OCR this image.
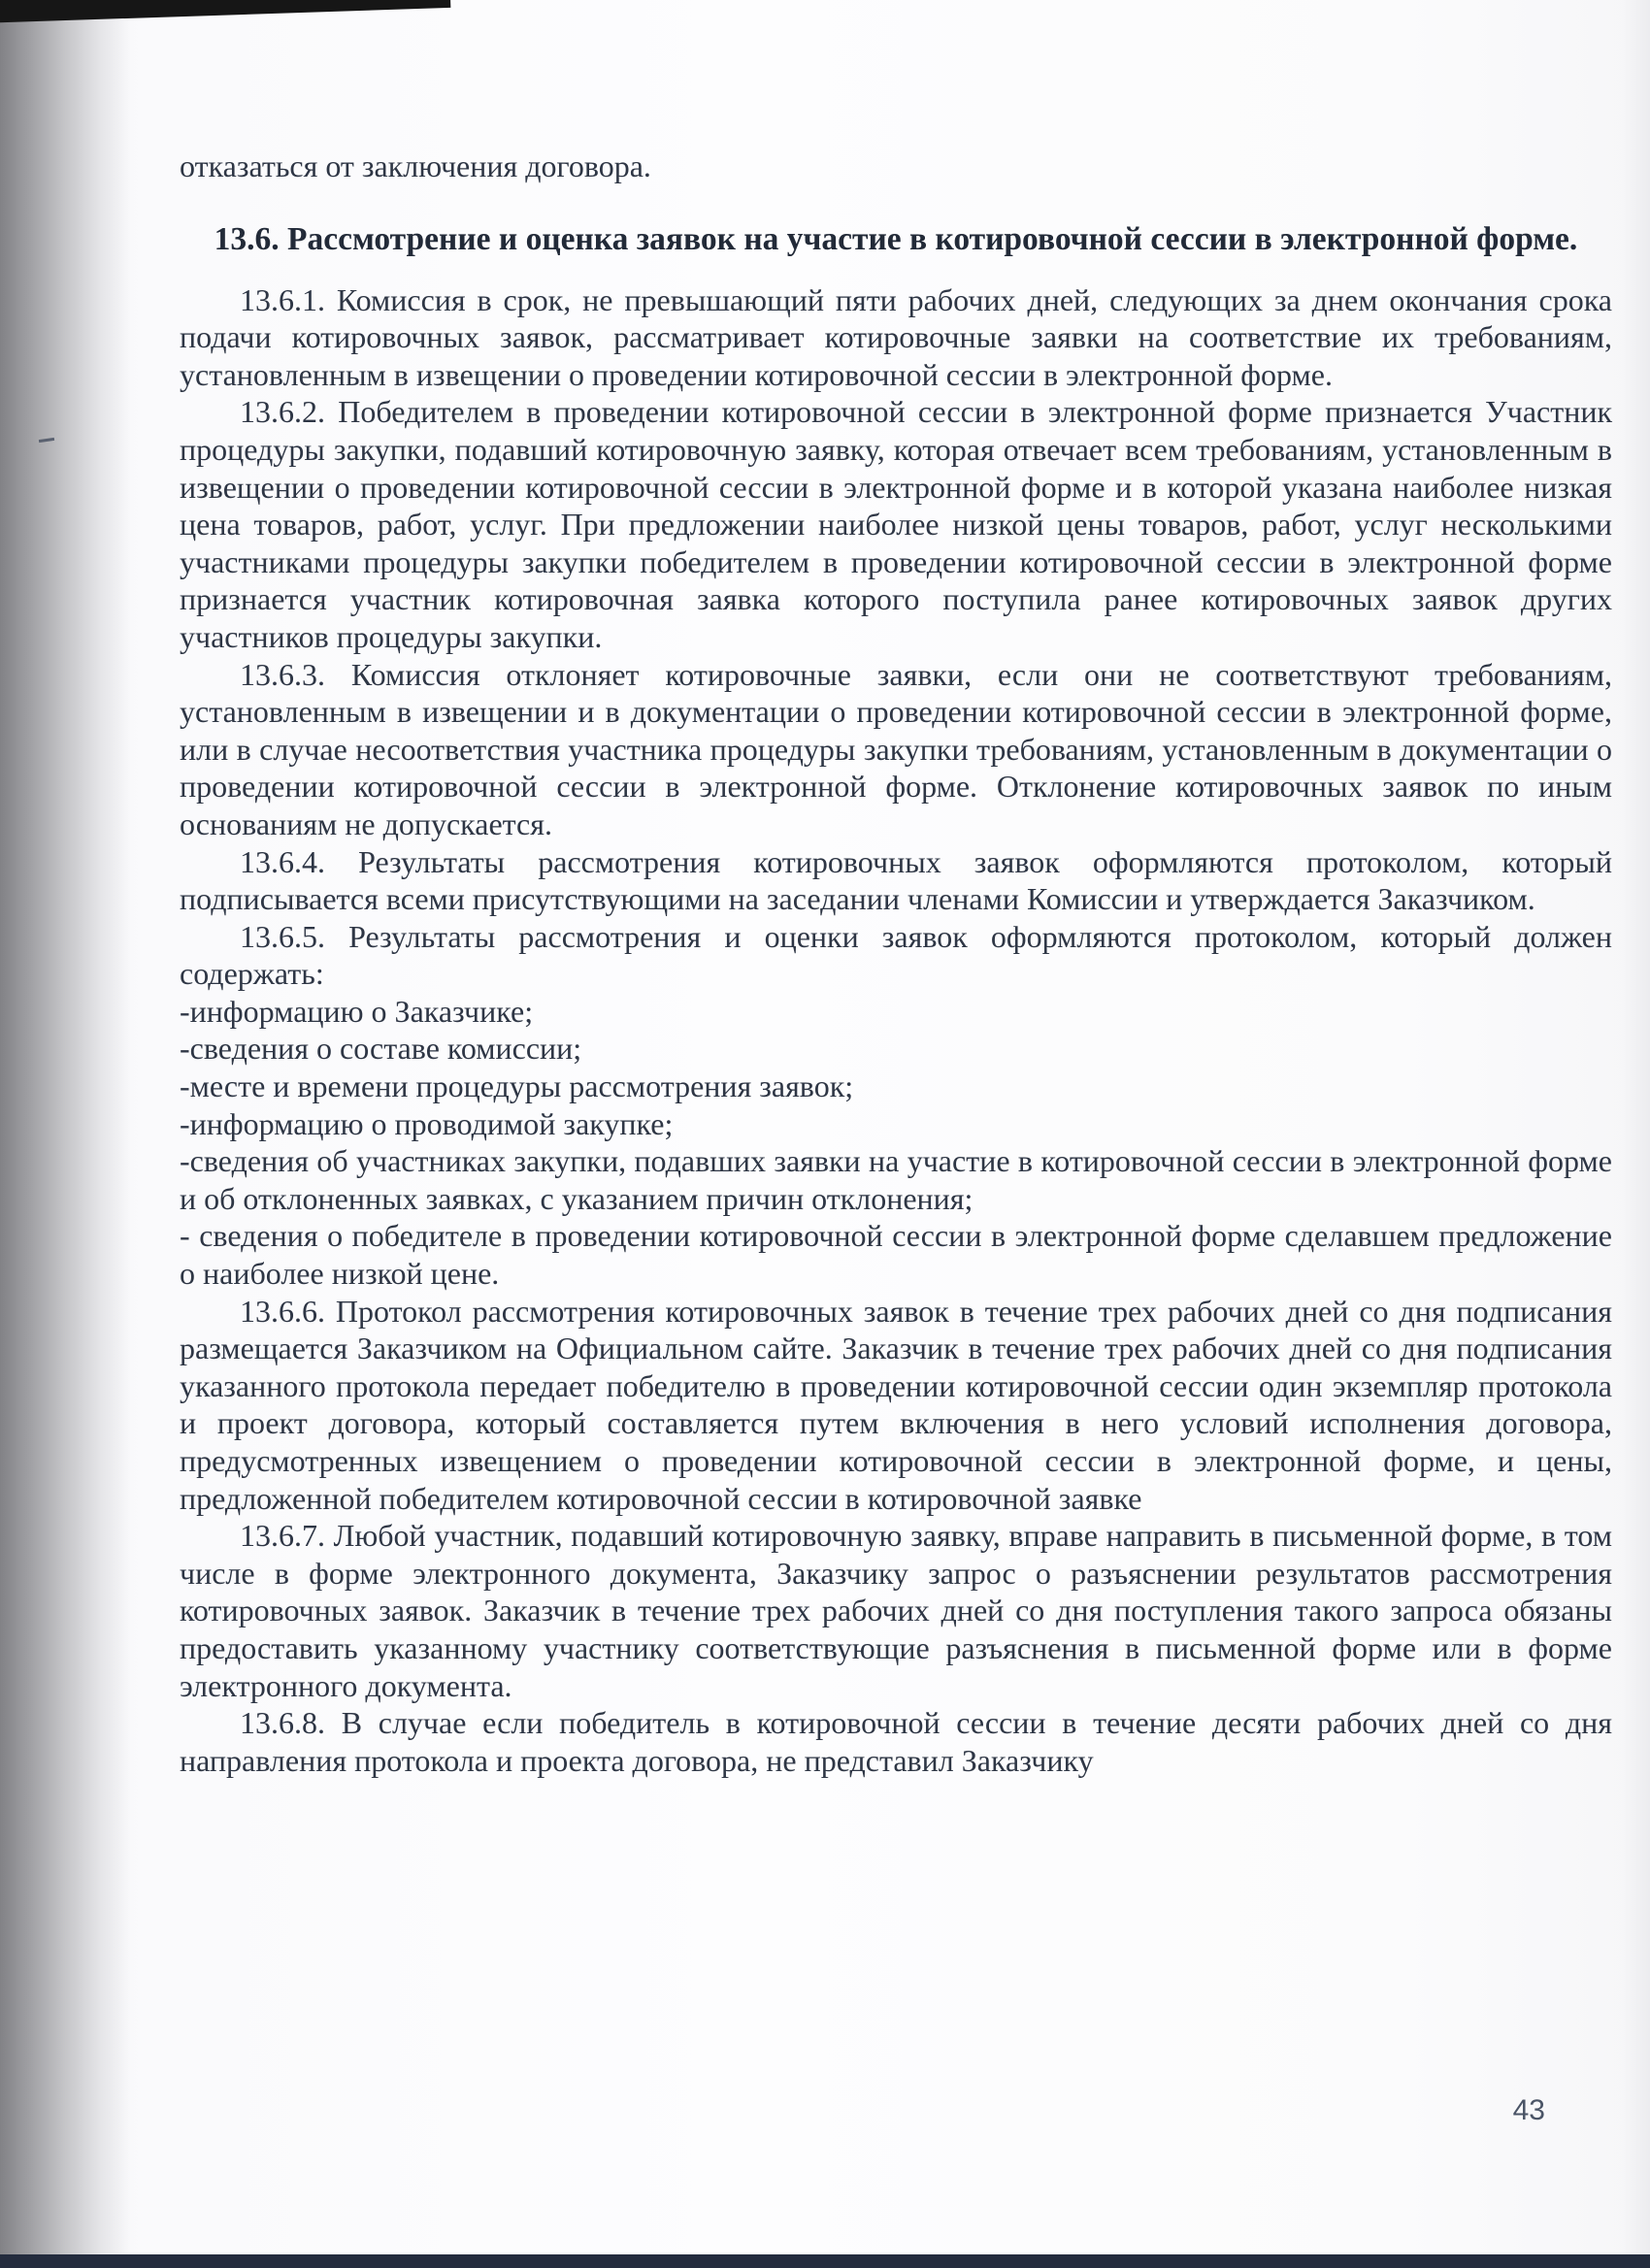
отказаться от заключения договора.

13.6. Рассмотрение и оценка заявок на участие в котировочной сессии в электронной форме.

13.6.1. Комиссия в срок, не превышающий пяти рабочих дней, следующих за днем окончания срока подачи котировочных заявок, рассматривает котировочные заявки на соответствие их требованиям, установленным в извещении о проведении котировочной сессии в электронной форме.

13.6.2. Победителем в проведении котировочной сессии в электронной форме признается Участник процедуры закупки, подавший котировочную заявку, которая отвечает всем требованиям, установленным в извещении о проведении котировочной сессии в электронной форме и в которой указана наиболее низкая цена товаров, работ, услуг. При предложении наиболее низкой цены товаров, работ, услуг несколькими участниками процедуры закупки победителем в проведении котировочной сессии в электронной форме признается участник котировочная заявка которого поступила ранее котировочных заявок других участников процедуры закупки.

13.6.3. Комиссия отклоняет котировочные заявки, если они не соответствуют требованиям, установленным в извещении и в документации о проведении котировочной сессии в электронной форме, или в случае несоответствия участника процедуры закупки требованиям, установленным в документации о проведении котировочной сессии в электронной форме. Отклонение котировочных заявок по иным основаниям не допускается.

13.6.4. Результаты рассмотрения котировочных заявок оформляются протоколом, который подписывается всеми присутствующими на заседании членами Комиссии и утверждается Заказчиком.

13.6.5. Результаты рассмотрения и оценки заявок оформляются протоколом, который должен содержать:

-информацию о Заказчике;

-сведения о составе комиссии;

-месте и времени процедуры рассмотрения заявок;

-информацию о проводимой закупке;

-сведения об участниках закупки, подавших заявки на участие в котировочной сессии в электронной форме и об отклоненных заявках, с указанием причин отклонения;

- сведения о победителе в проведении котировочной сессии в электронной форме сделавшем предложение о наиболее низкой цене.

13.6.6. Протокол рассмотрения котировочных заявок в течение трех рабочих дней со дня подписания размещается Заказчиком на Официальном сайте. Заказчик в течение трех рабочих дней со дня подписания указанного протокола передает победителю в проведении котировочной сессии один экземпляр протокола и проект договора, который составляется путем включения в него условий исполнения договора, предусмотренных извещением о проведении котировочной сессии в электронной форме, и цены, предложенной победителем котировочной сессии в котировочной заявке

13.6.7. Любой участник, подавший котировочную заявку, вправе направить в письменной форме, в том числе в форме электронного документа, Заказчику запрос о разъяснении результатов рассмотрения котировочных заявок. Заказчик в течение трех рабочих дней со дня поступления такого запроса обязаны предоставить указанному участнику соответствующие разъяснения в письменной форме или в форме электронного документа.

13.6.8. В случае если победитель в котировочной сессии в течение десяти рабочих дней со дня направления протокола и проекта договора, не представил Заказчику

43
